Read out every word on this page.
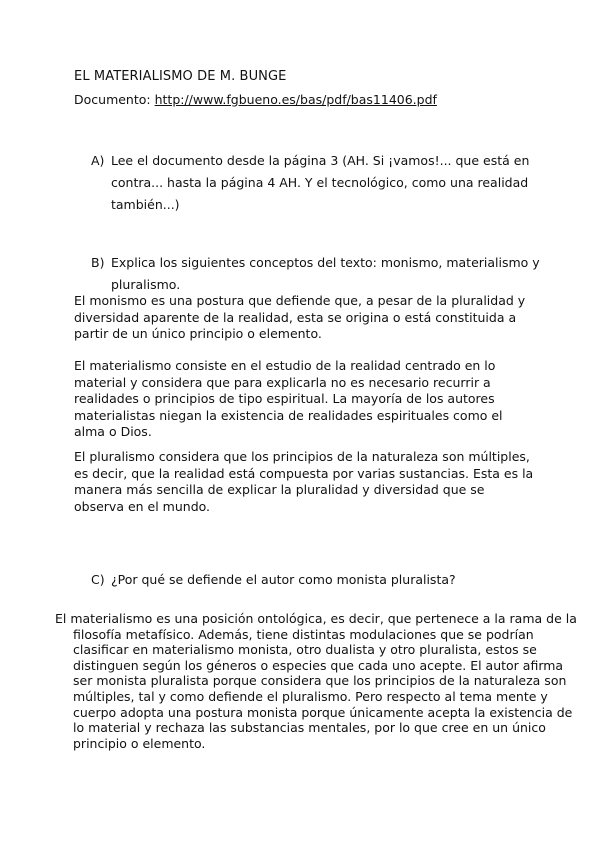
EL MATERIALISMO DE M. BUNGE
Documento: http://www.fgbueno.es/bas/pdf/bas11406.pdf
A) Lee el documento desde la página 3 (AH. Si ¡vamos!... que está en contra... hasta la página 4 AH. Y el tecnológico, como una realidad también...)
B) Explica los siguientes conceptos del texto: monismo, materialismo y pluralismo.

El monismo es una postura que defiende que, a pesar de la pluralidad y diversidad aparente de la realidad, esta se origina o está constituida a partir de un único principio o elemento.

El materialismo consiste en el estudio de la realidad centrado en lo material y considera que para explicarla no es necesario recurrir a realidades o principios de tipo espiritual. La mayoría de los autores materialistas niegan la existencia de realidades espirituales como el alma o Dios.

El pluralismo considera que los principios de la naturaleza son múltiples, es decir, que la realidad está compuesta por varias sustancias. Esta es la manera más sencilla de explicar la pluralidad y diversidad que se observa en el mundo.

C) ¿Por qué se defiende el autor como monista pluralista?

El materialismo es una posición ontológica, es decir, que pertenece a la rama de la filosofía metafísico. Además, tiene distintas modulaciones que se podrían clasificar en materialismo monista, otro dualista y otro pluralista, estos se distinguen según los géneros o especies que cada uno acepte. El autor afirma ser monista pluralista porque considera que los principios de la naturaleza son múltiples, tal y como defiende el pluralismo. Pero respecto al tema mente y cuerpo adopta una postura monista porque únicamente acepta la existencia de lo material y rechaza las substancias mentales, por lo que cree en un único principio o elemento.
